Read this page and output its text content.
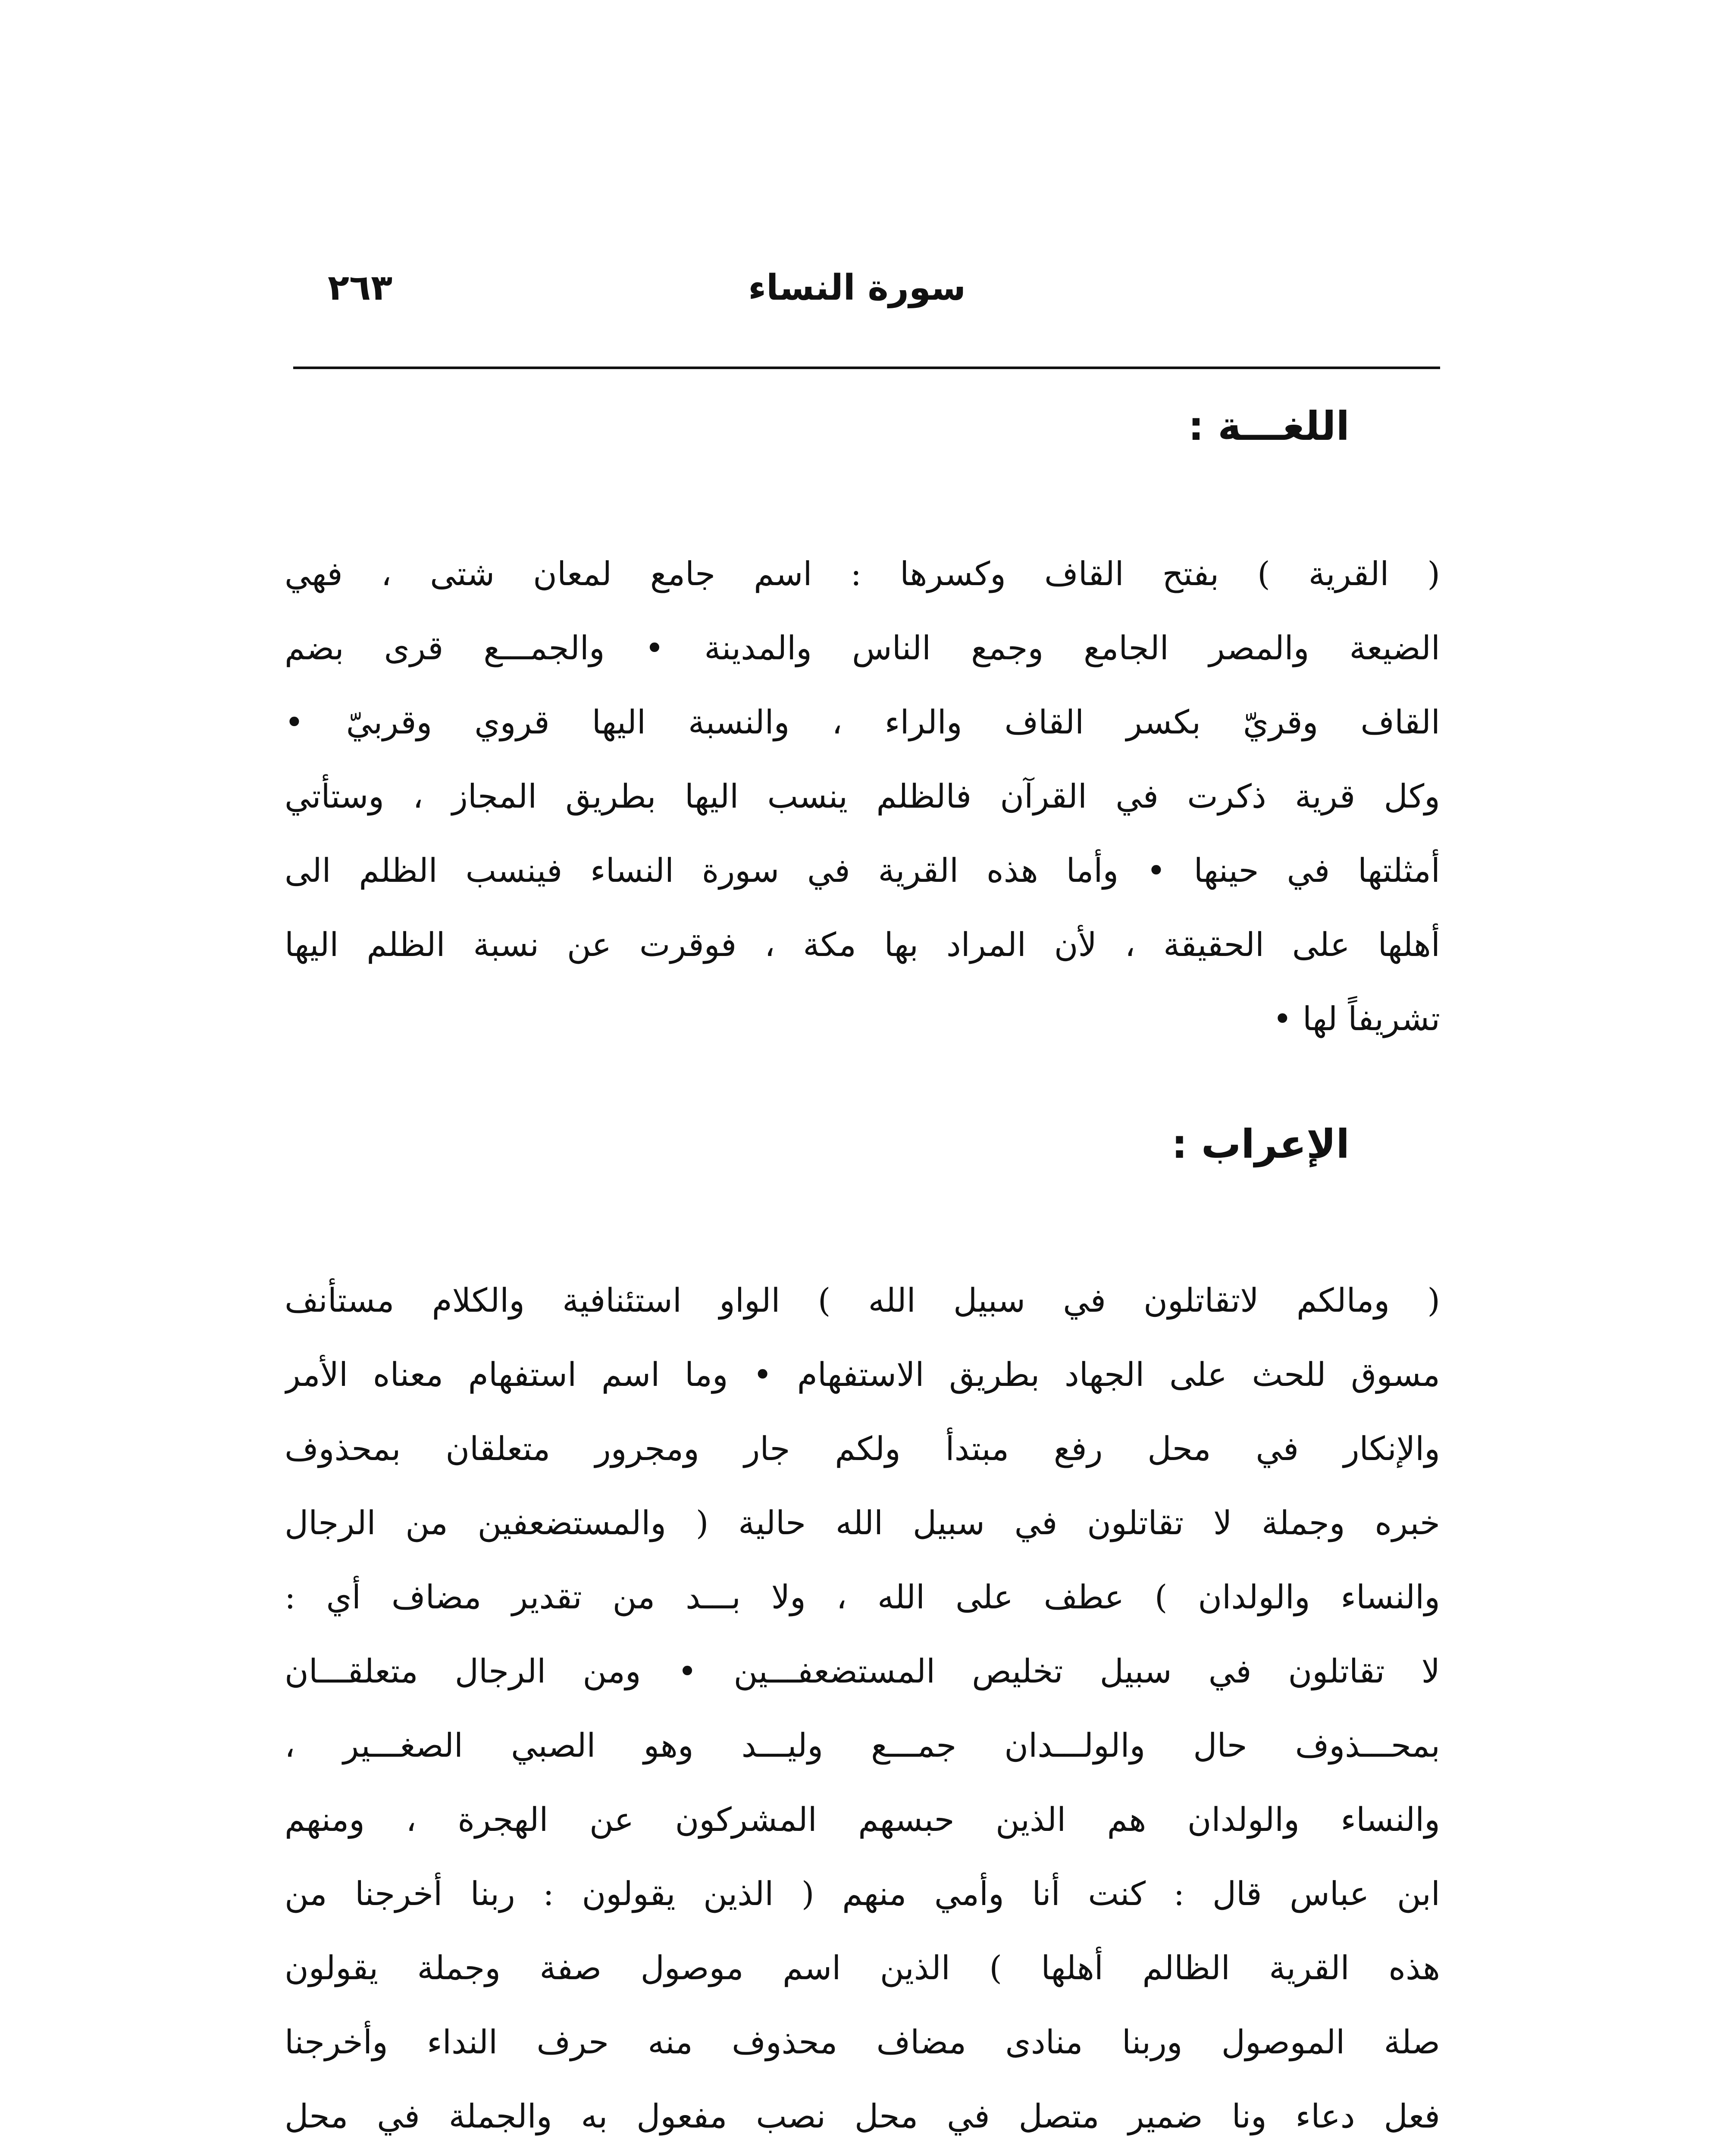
سورة النساء
٢٦٣
اللغـــة :
( القرية ) بفتح القاف وكسرها : اسم جامع لمعان شتى ، فهي
الضيعة والمصر الجامع وجمع الناس والمدينة • والجمـــع قرى بضم
القاف وقريّ بكسر القاف والراء ، والنسبة اليها قروي وقربيّ •
وكل قرية ذكرت في القرآن فالظلم ينسب اليها بطريق المجاز ، وستأتي
أمثلتها في حينها • وأما هذه القرية في سورة النساء فينسب الظلم الى
أهلها على الحقيقة ، لأن المراد بها مكة ، فوقرت عن نسبة الظلم اليها
تشريفاً لها •
الإعراب :
( ومالكم لاتقاتلون في سبيل الله ) الواو استئنافية والكلام مستأنف
مسوق للحث على الجهاد بطريق الاستفهام • وما اسم استفهام معناه الأمر
والإنكار في محل رفع مبتدأ ولكم جار ومجرور متعلقان بمحذوف
خبره وجملة لا تقاتلون في سبيل الله حالية ( والمستضعفين من الرجال
والنساء والولدان ) عطف على الله ، ولا بـــد من تقدير مضاف أي :
لا تقاتلون في سبيل تخليص المستضعفـــين • ومن الرجال متعلقـــان
بمحـــذوف حال والولـــدان جمـــع وليـــد وهو الصبي الصغـــير ،
والنساء والولدان هم الذين حبسهم المشركون عن الهجرة ، ومنهم
ابن عباس قال : كنت أنا وأمي منهم ( الذين يقولون : ربنا أخرجنا من
هذه القرية الظالم أهلها ) الذين اسم موصول صفة وجملة يقولون
صلة الموصول وربنا منادى مضاف محذوف منه حرف النداء وأخرجنا
فعل دعاء ونا ضمير متصل في محل نصب مفعول به والجملة في محل
